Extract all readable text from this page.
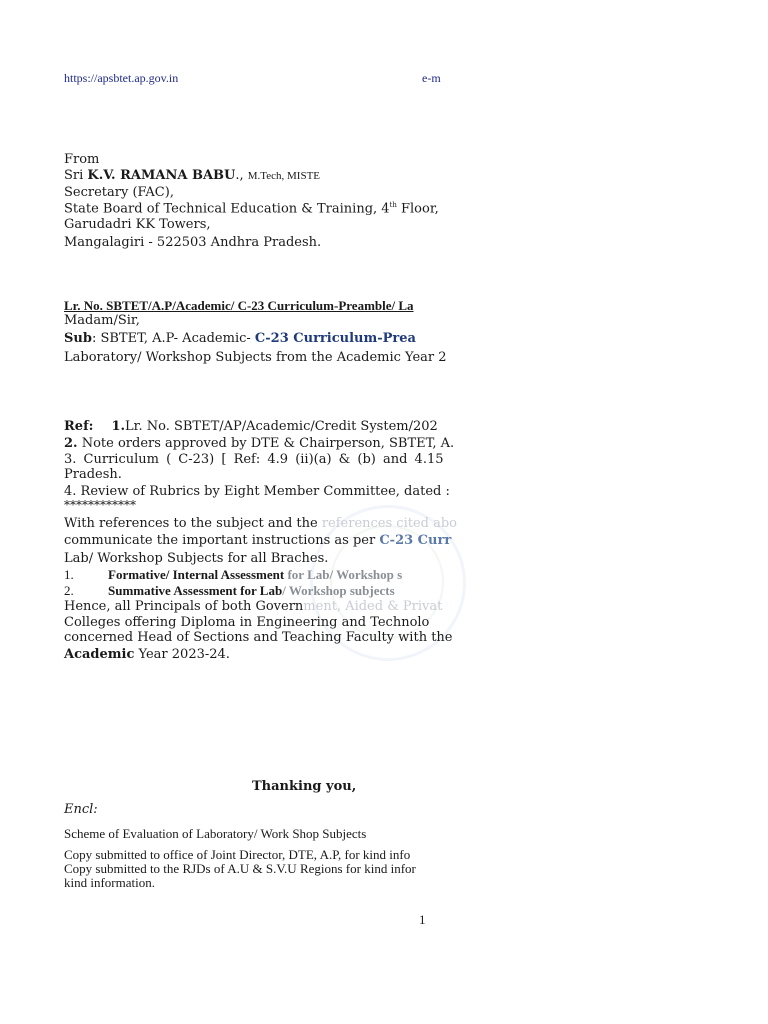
https://apsbtet.ap.gov.in	e-m
From
Sri K.V. RAMANA BABU., M.Tech, MISTE
Secretary (FAC),
State Board of Technical Education & Training, 4th Floor,
Garudadri KK Towers,
Mangalagiri - 522503 Andhra Pradesh.
Lr. No. SBTET/A.P/Academic/ C-23 Curriculum-Preamble/ La
Madam/Sir,
Sub: SBTET, A.P- Academic- C-23 Curriculum-Prea
Laboratory/ Workshop Subjects from the Academic Year 2
Ref: 1.Lr. No. SBTET/AP/Academic/Credit System/202
2. Note orders approved by DTE & Chairperson, SBTET, A.
3. Curriculum ( C-23) [ Ref: 4.9 (ii)(a) & (b) and 4.15
Pradesh.
4. Review of Rubrics by Eight Member Committee, dated :
************
With references to the subject and the references cited abo
communicate the important instructions as per C-23 Curr
Lab/ Workshop Subjects for all Braches.
1.	Formative/ Internal Assessment for Lab/ Workshop s
2.	Summative Assessment for Lab/ Workshop subjects
Hence, all Principals of both Government, Aided & Privat
Colleges offering Diploma in Engineering and Technolo
concerned Head of Sections and Teaching Faculty with the
Academic Year 2023-24.
Thanking you,
Encl:
Scheme of Evaluation of Laboratory/ Work Shop Subjects
Copy submitted to office of Joint Director, DTE, A.P, for kind info
Copy submitted to the RJDs of A.U & S.V.U Regions for kind infor
kind information.
1
